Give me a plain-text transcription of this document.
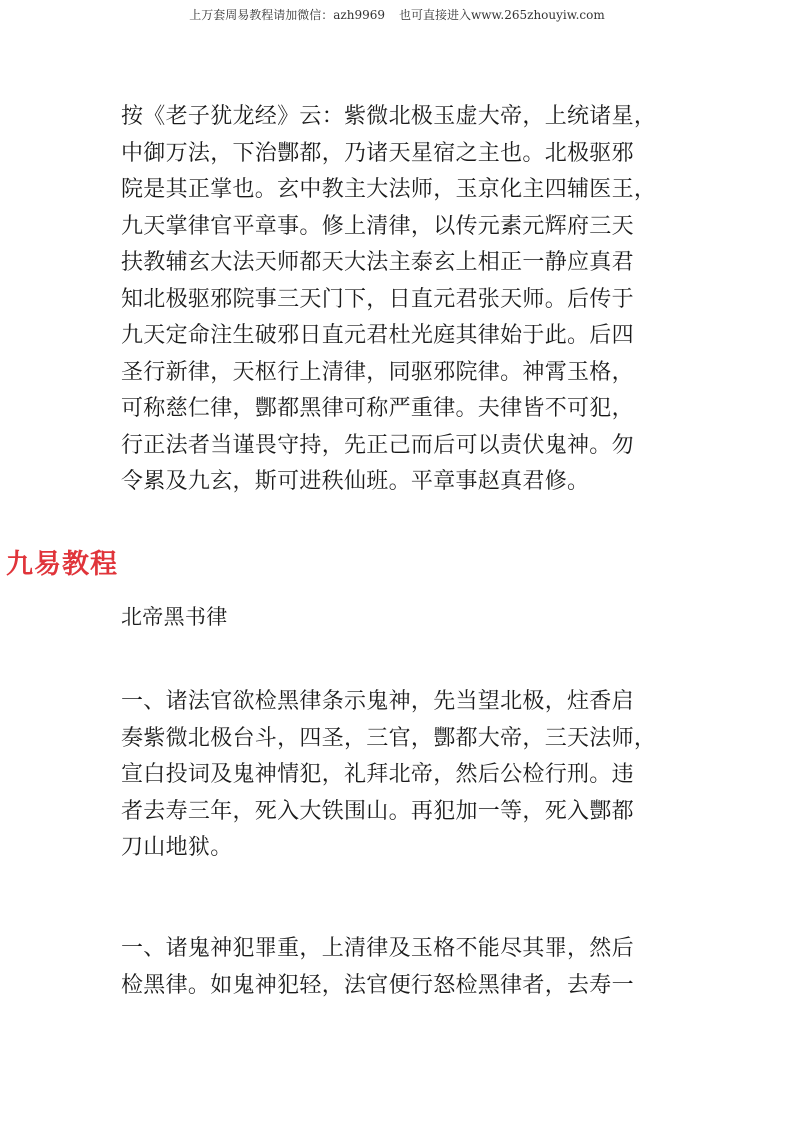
上万套周易教程请加微信：azh9969 也可直接进入www.265zhouyiw.com
九易教程
按《老子犹龙经》云：紫微北极玉虚大帝，上统诸星，
中御万法，下治酆都，乃诸天星宿之主也。北极驱邪
院是其正掌也。玄中教主大法师，玉京化主四辅医王，
九天掌律官平章事。修上清律，以传元素元辉府三天
扶教辅玄大法天师都天大法主泰玄上相正一静应真君
知北极驱邪院事三天门下，日直元君张天师。后传于
九天定命注生破邪日直元君杜光庭其律始于此。后四
圣行新律，天枢行上清律，同驱邪院律。神霄玉格，
可称慈仁律，酆都黑律可称严重律。夫律皆不可犯，
行正法者当谨畏守持，先正己而后可以责伏鬼神。勿
令累及九玄，斯可进秩仙班。平章事赵真君修。
北帝黑书律
一、诸法官欲检黑律条示鬼神，先当望北极，炷香启
奏紫微北极台斗，四圣，三官，酆都大帝，三天法师，
宣白投词及鬼神情犯，礼拜北帝，然后公检行刑。违
者去寿三年，死入大铁围山。再犯加一等，死入酆都
刀山地狱。
一、诸鬼神犯罪重，上清律及玉格不能尽其罪，然后
检黑律。如鬼神犯轻，法官便行怒检黑律者，去寿一
